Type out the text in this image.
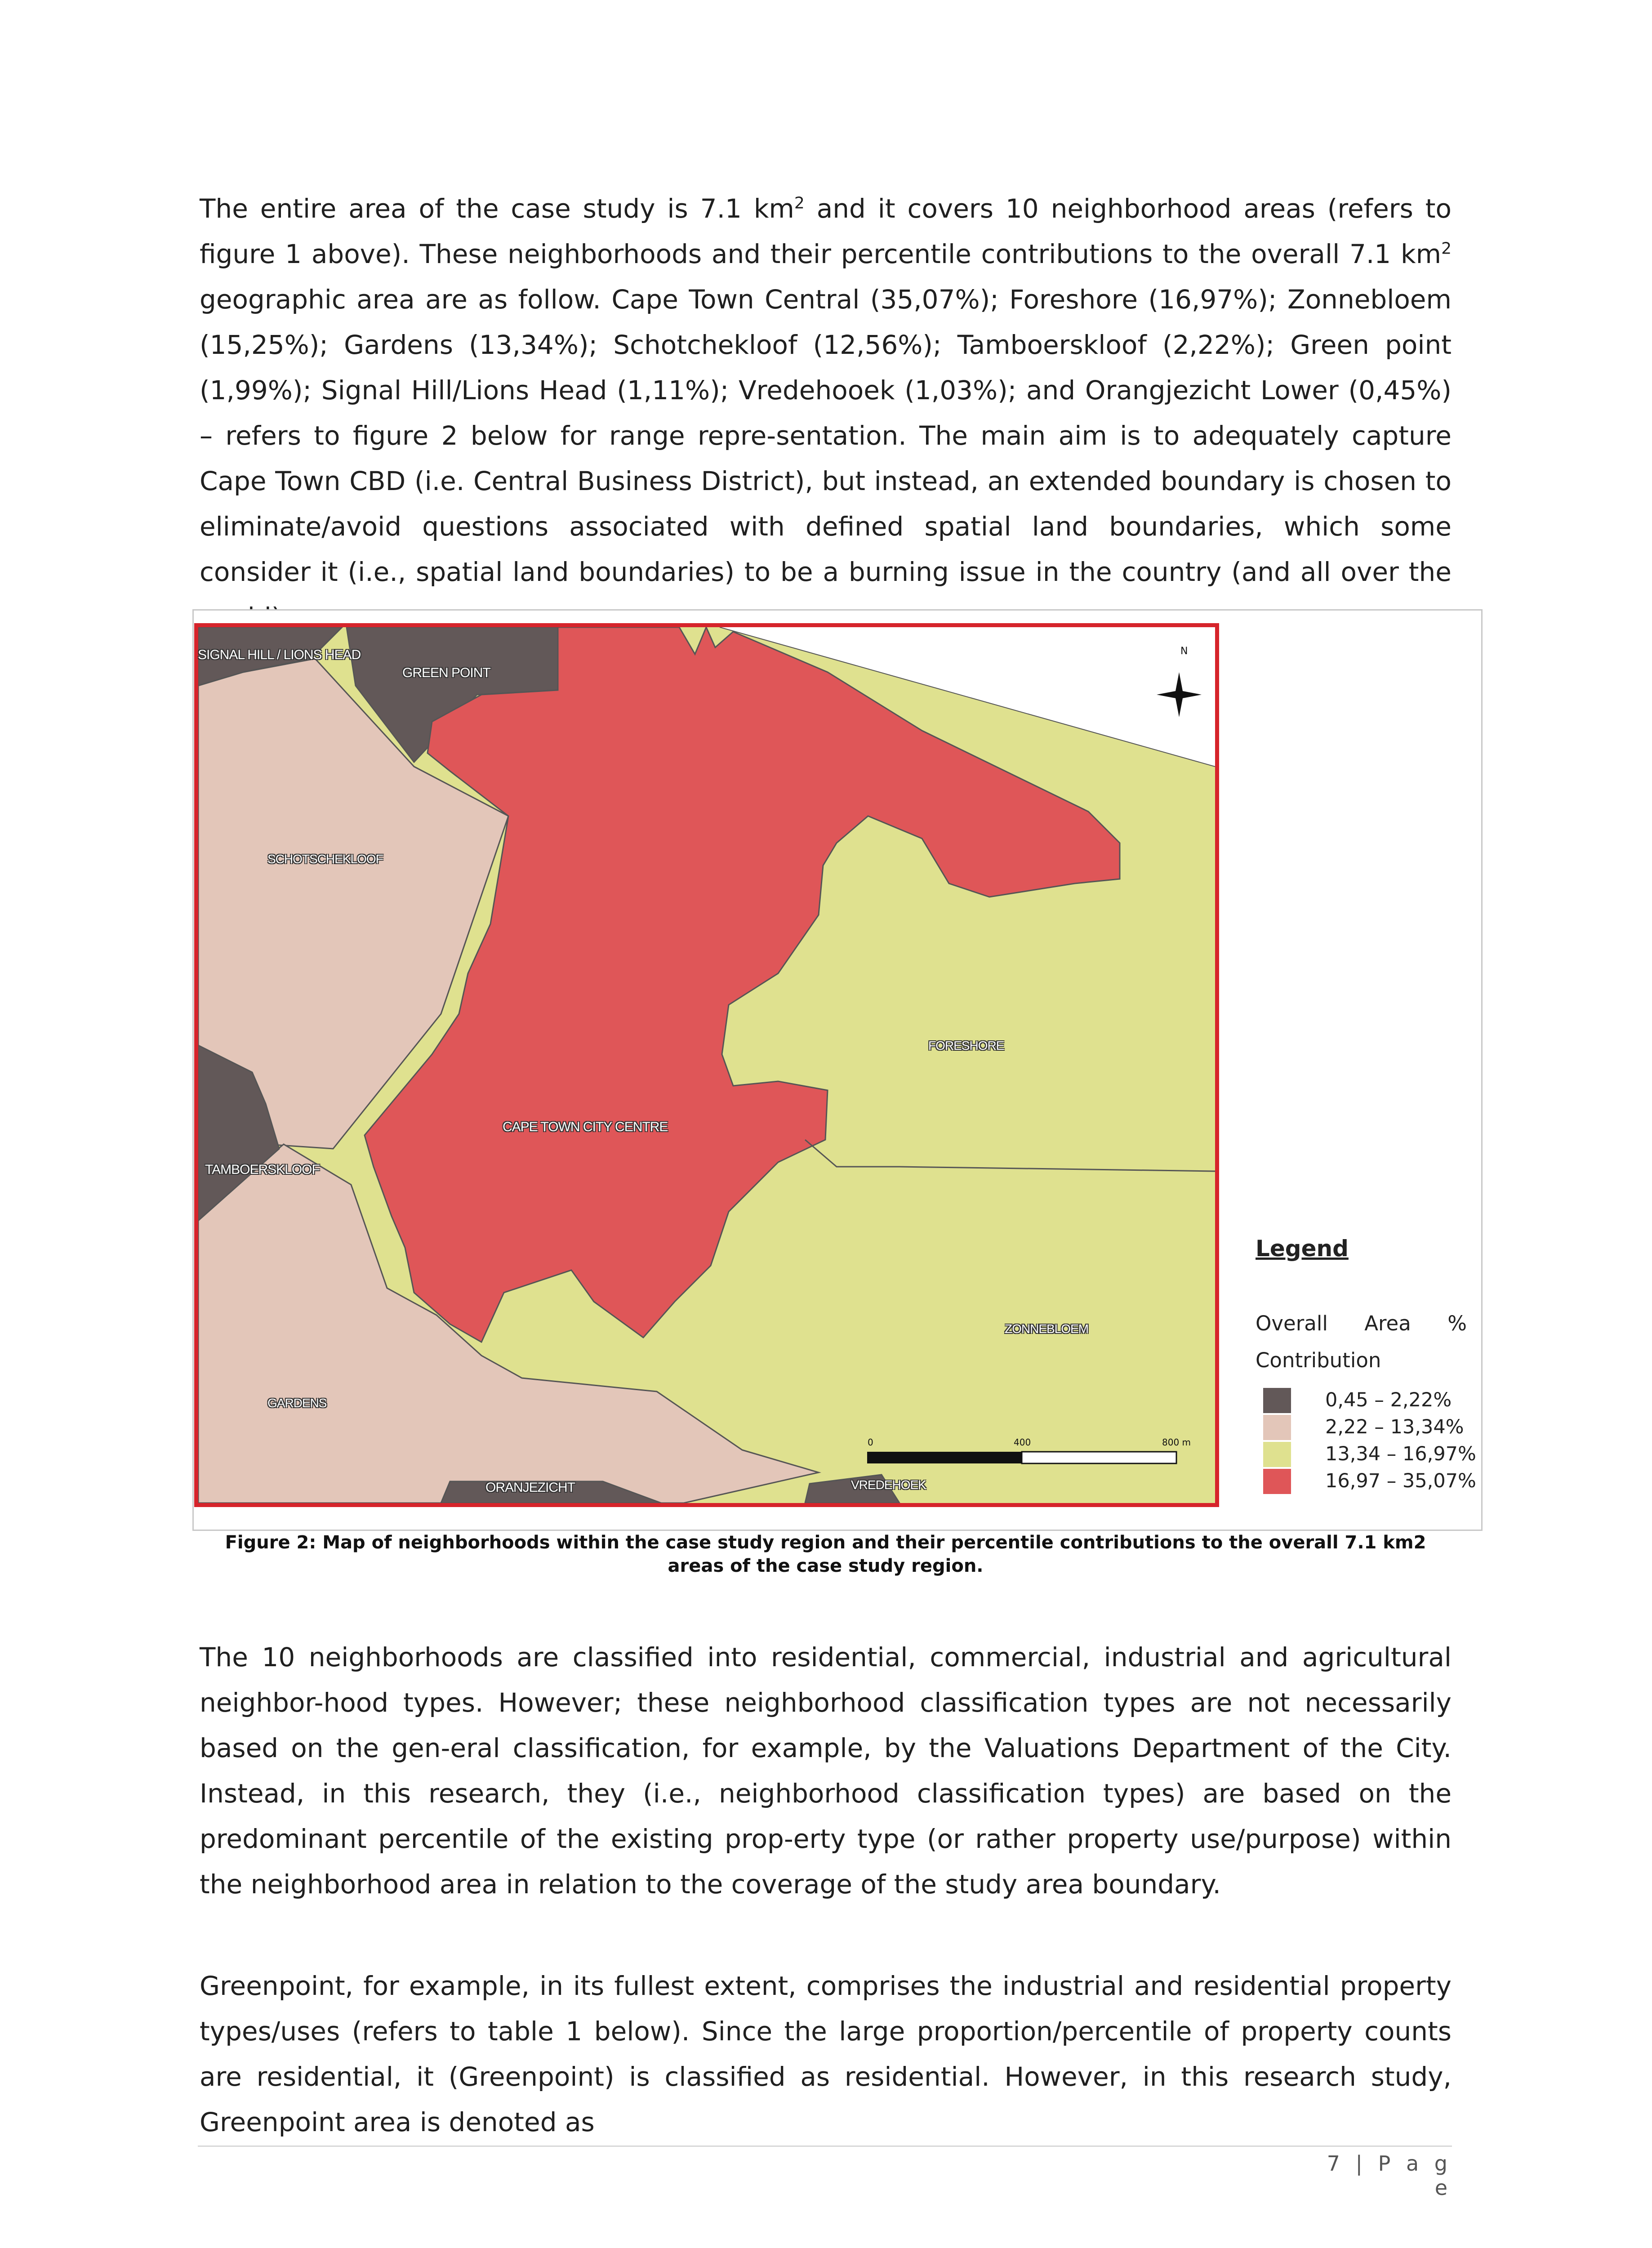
The entire area of the case study is 7.1 $km^2$ and it covers 10 neighborhood areas (refers to figure 1 above). These neighborhoods and their percentile contributions to the overall 7.1 $km^2$ geographic area are as follow. Cape Town Central (35,07%); Foreshore (16,97%); Zonnebloem (15,25%); Gardens (13,34%); Schotchekloof (12,56%); Tamboerskloof (2,22%); Green point (1,99%); Signal Hill/Lions Head (1,11%); Vredehooek (1,03%); and Orangjezicht Lower (0,45%) – refers to figure 2 below for range repre-sentation. The main aim is to adequately capture Cape Town CBD (i.e. Central Business District), but instead, an extended boundary is chosen to eliminate/avoid questions associated with defined spatial land boundaries, which some consider it (i.e., spatial land boundaries) to be a burning issue in the country (and all over the

SIGNAL HILL / LIONS HEAD
GREEN POINT
SCHOTSCHEKLOOF
FORESHORE
CAPE TOWN CITY CENTRE
TAMBOERSKLOOF
ZONNEBLOEM
GARDENS
ORANJEZICHT	VREDEHOEK
N
0	400	800 m
Legend
Overall Area %
Contribution
0,45 – 2,22%
2,22 – 13,34%
13,34 – 16,97%
16,97 – 35,07%
Figure 2: Map of neighborhoods within the case study region and their percentile contributions to the overall 7.1 km2 areas of the case study region.

The 10 neighborhoods are classified into residential, commercial, industrial and agricultural neighbor-hood types. However; these neighborhood classification types are not necessarily based on the gen-eral classification, for example, by the Valuations Department of the City. Instead, in this research, they (i.e., neighborhood classification types) are based on the predominant percentile of the existing prop-erty type (or rather property use/purpose) within the neighborhood area in relation to the coverage of the study area boundary.

Greenpoint, for example, in its fullest extent, comprises the industrial and residential property types/uses (refers to table 1 below). Since the large proportion/percentile of property counts are residential, it (Greenpoint) is classified as residential. However, in this research study, Greenpoint area is denoted as

7 | P a g e
